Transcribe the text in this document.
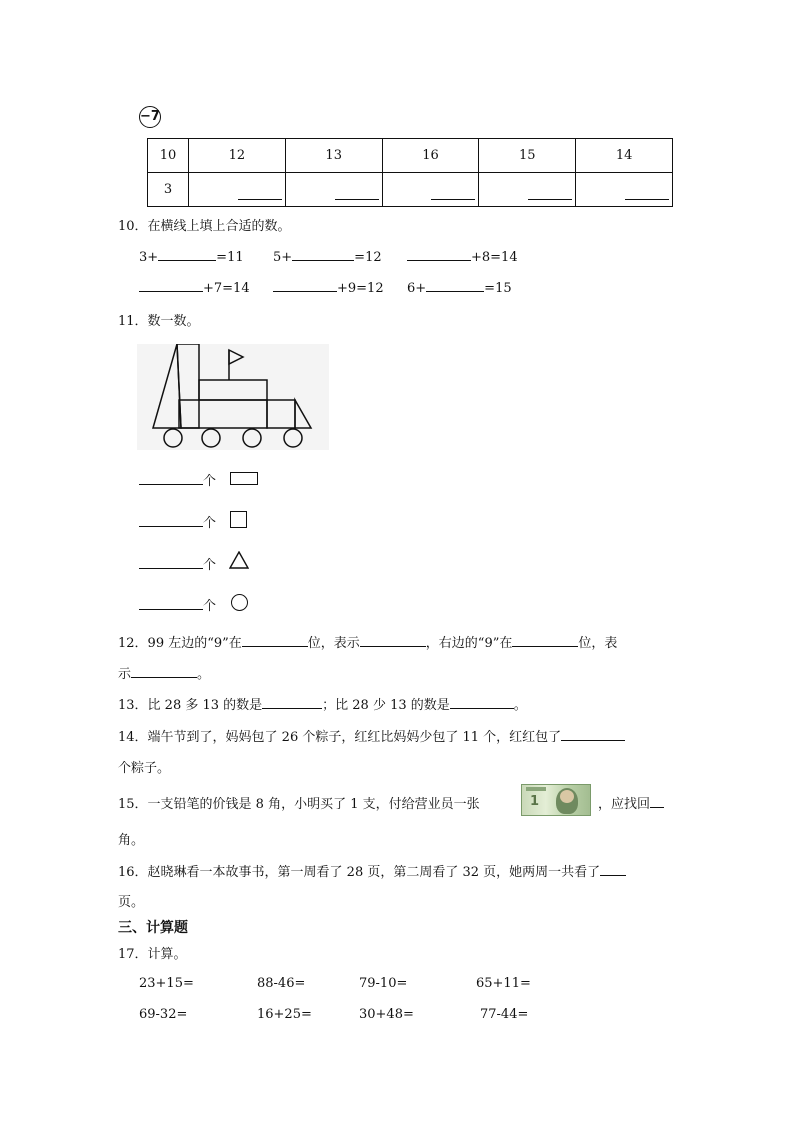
−7
10	12	13	16	15	14
3	

10．在横线上填上合适的数。
3+	=11 5+	=12	+8=14
+7=14	+9=12 6+	=15
11．数一数。
个
个
个
个
12．99 左边的“9”在	位，表示	，右边的“9”在	位，表
示	。
13．比 28 多 13 的数是	；比 28 少 13 的数是	。
14．端午节到了，妈妈包了 26 个粽子，红红比妈妈少包了 11 个，红红包了
个粽子。
15．一支铅笔的价钱是 8 角，小明买了 1 支，付给营业员一张	1	，应找回
角。
16．赵晓琳看一本故事书，第一周看了 28 页，第二周看了 32 页，她两周一共看了
页。
三、计算题
17．计算。
23+15=	88-46=	79-10=	65+11=
69-32=	16+25=	30+48=	77-44=
